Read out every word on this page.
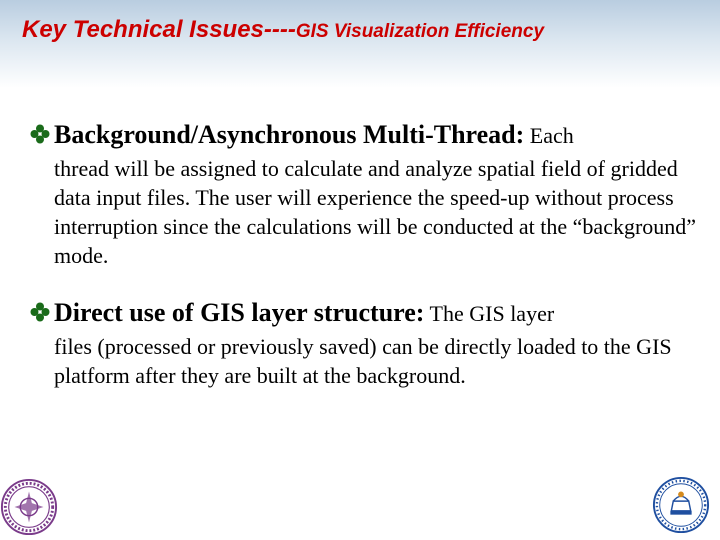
Key Technical Issues----GIS Visualization Efficiency
Background/Asynchronous Multi-Thread: Each
thread will be assigned to calculate and analyze spatial field of gridded data input files. The user will experience the speed-up without process interruption since the calculations will be conducted at the “background” mode.
Direct use of GIS layer structure: The GIS layer
files (processed or previously saved) can be directly loaded to the GIS platform after they are built at the background.
